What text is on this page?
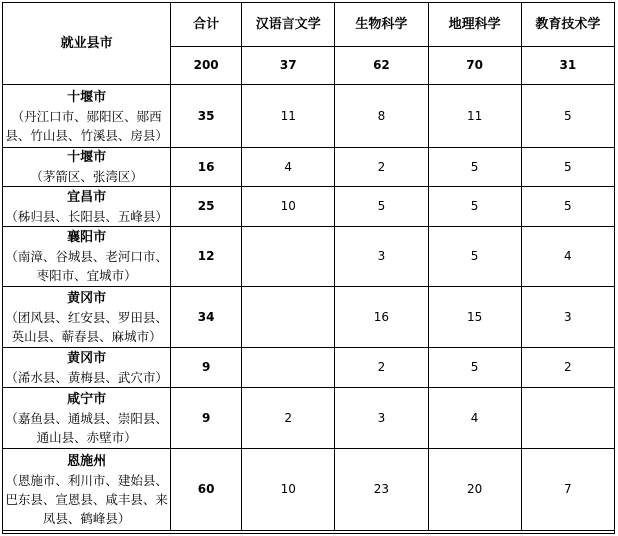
就业县市	合计	汉语言文学	生物科学	地理科学	教育技术学
	200	37	62	70	31

十堰市
（丹江口市、郧阳区、郧西县、竹山县、竹溪县、房县）	35	11	8	11	5

十堰市
（茅箭区、张湾区）	16	4	2	5	5

宜昌市
（秭归县、长阳县、五峰县）	25	10	5	5	5

襄阳市
（南漳、谷城县、老河口市、枣阳市、宜城市）	12		3	5	4

黄冈市
（团风县、红安县、罗田县、英山县、蕲春县、麻城市）	34		16	15	3

黄冈市
（浠水县、黄梅县、武穴市）	9		2	5	2

咸宁市
（嘉鱼县、通城县、崇阳县、通山县、赤壁市）	9	2	3	4	

恩施州
（恩施市、利川市、建始县、巴东县、宣恩县、咸丰县、来凤县、鹤峰县）	60	10	23	20	7
